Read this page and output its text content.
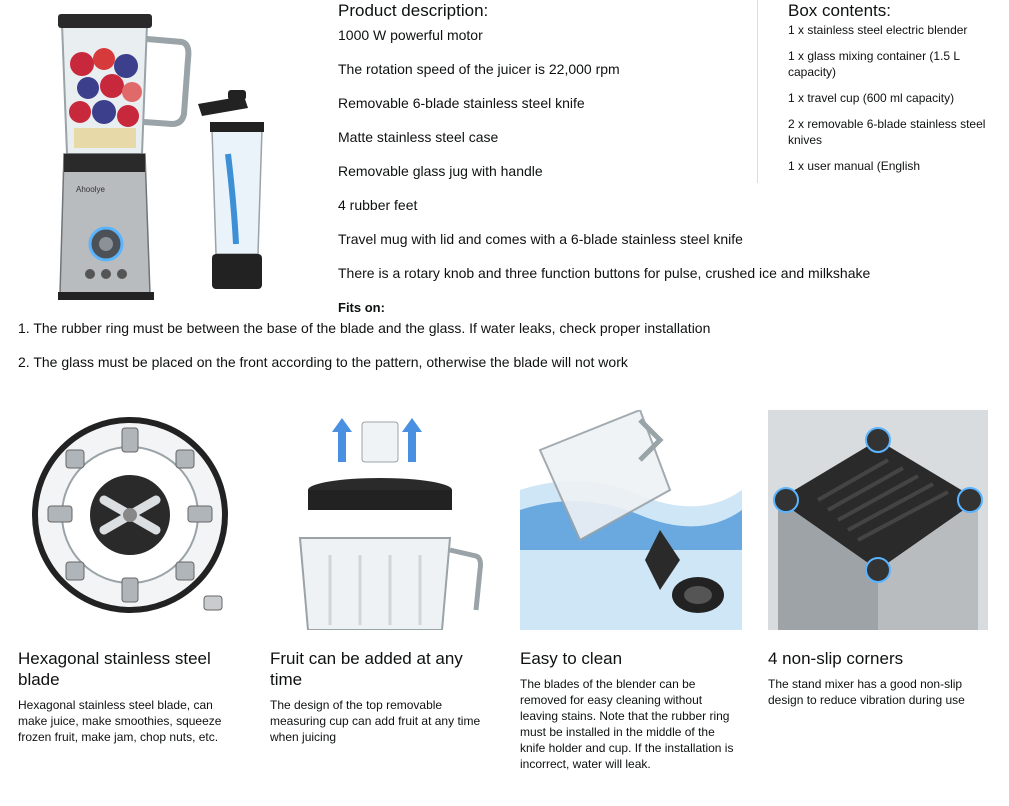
Ahoolye
Product description:
1000 W powerful motor
The rotation speed of the juicer is 22,000 rpm
Removable 6-blade stainless steel knife
Matte stainless steel case
Removable glass jug with handle
4 rubber feet
Travel mug with lid and comes with a 6-blade stainless steel knife
There is a rotary knob and three function buttons for pulse, crushed ice and milkshake
Box contents:
1 x stainless steel electric blender
1 x glass mixing container (1.5 L capacity)
1 x travel cup (600 ml capacity)
2 x removable 6-blade stainless steel knives
1 x user manual (English
Fits on:
1. The rubber ring must be between the base of the blade and the glass. If water leaks, check proper installation
2. The glass must be placed on the front according to the pattern, otherwise the blade will not work
Hexagonal stainless steel blade
Hexagonal stainless steel blade, can make juice, make smoothies, squeeze frozen fruit, make jam, chop nuts, etc.
Fruit can be added at any time
The design of the top removable measuring cup can add fruit at any time when juicing
Easy to clean
The blades of the blender can be removed for easy cleaning without leaving stains. Note that the rubber ring must be installed in the middle of the knife holder and cup. If the installation is incorrect, water will leak.
4 non-slip corners
The stand mixer has a good non-slip design to reduce vibration during use
